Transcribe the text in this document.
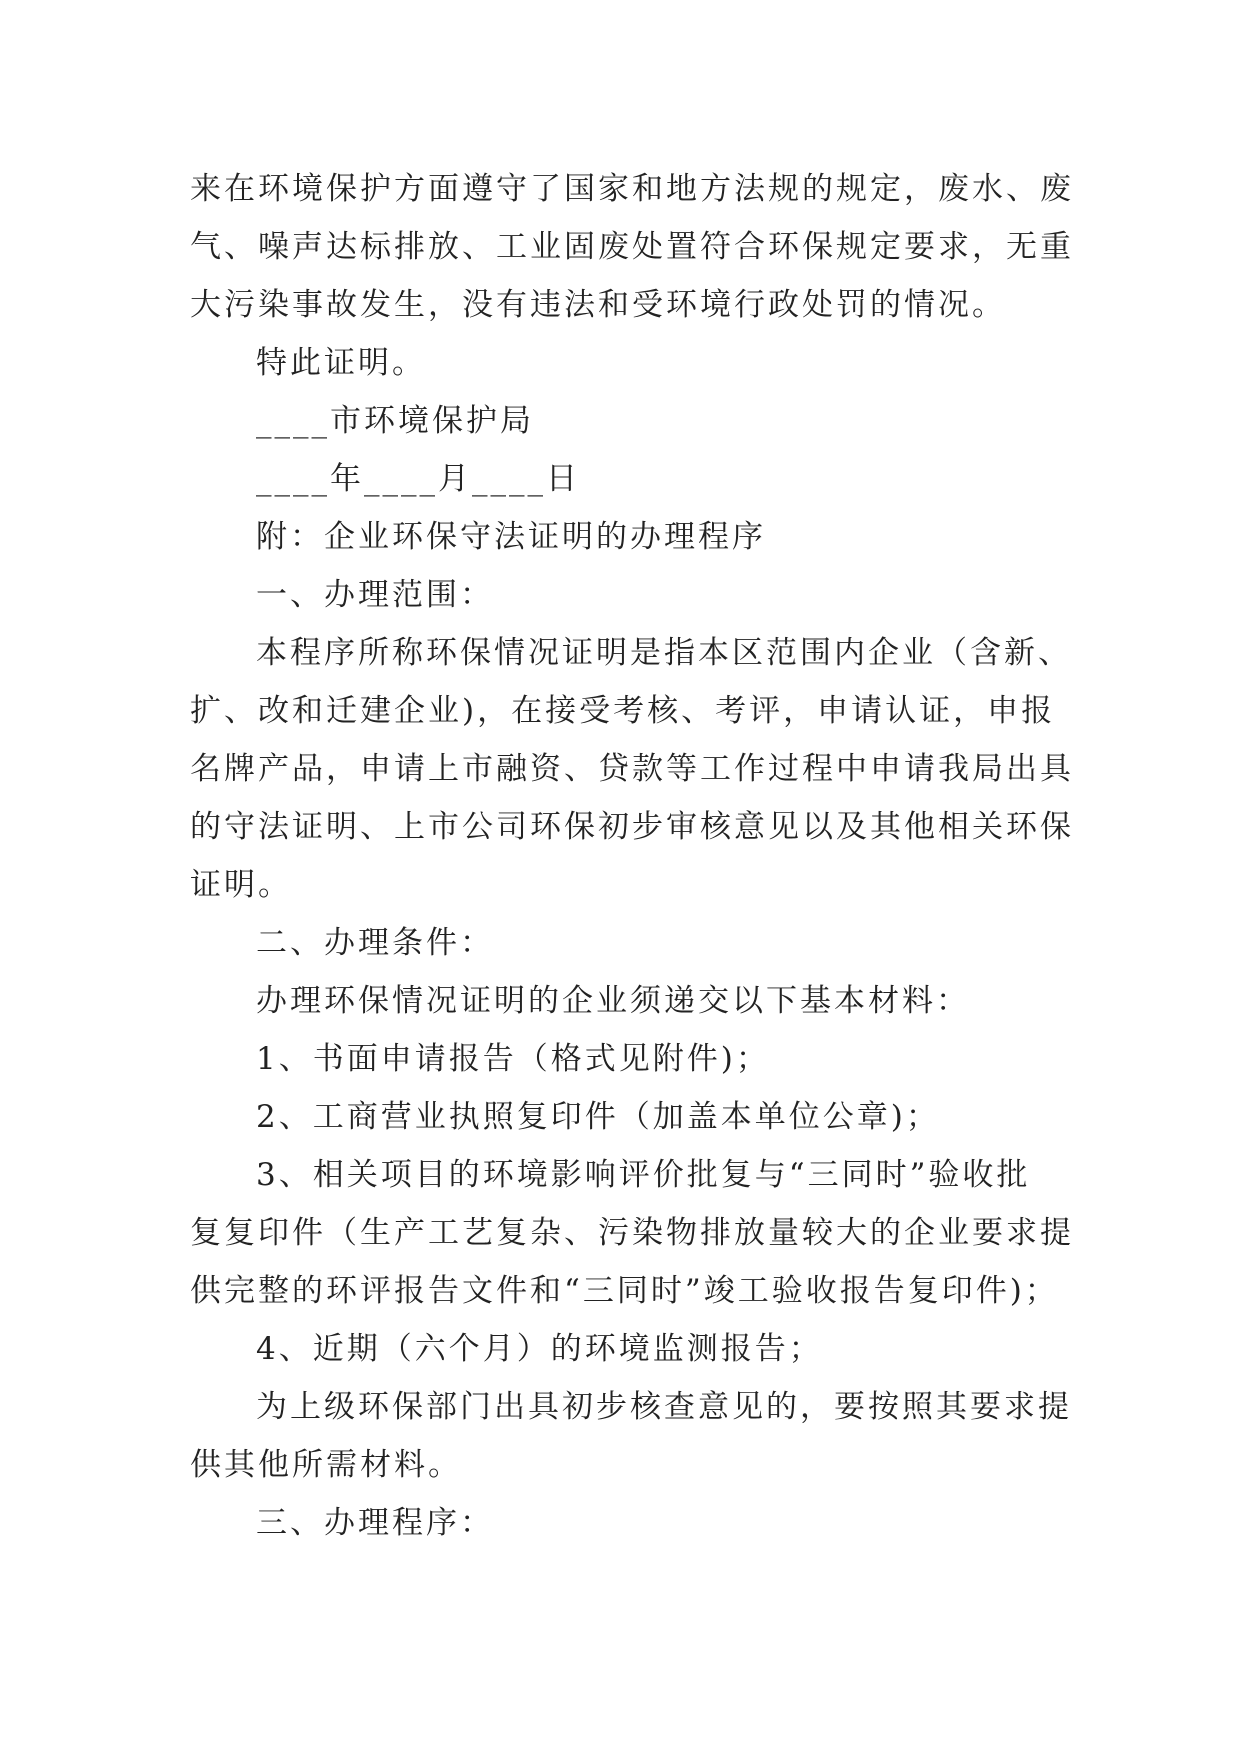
来在环境保护方面遵守了国家和地方法规的规定，废水、废

气、噪声达标排放、工业固废处置符合环保规定要求，无重

大污染事故发生，没有违法和受环境行政处罚的情况。

特此证明。

____市环境保护局

____年____月____日

附：企业环保守法证明的办理程序

一、办理范围：

本程序所称环保情况证明是指本区范围内企业（含新、

扩、改和迁建企业)，在接受考核、考评，申请认证，申报

名牌产品，申请上市融资、贷款等工作过程中申请我局出具

的守法证明、上市公司环保初步审核意见以及其他相关环保

证明。

二、办理条件：

办理环保情况证明的企业须递交以下基本材料：

1、书面申请报告（格式见附件)；

2、工商营业执照复印件（加盖本单位公章)；

3、相关项目的环境影响评价批复与“三同时”验收批

复复印件（生产工艺复杂、污染物排放量较大的企业要求提

供完整的环评报告文件和“三同时”竣工验收报告复印件)；

4、近期（六个月）的环境监测报告；

为上级环保部门出具初步核查意见的，要按照其要求提

供其他所需材料。

三、办理程序：
